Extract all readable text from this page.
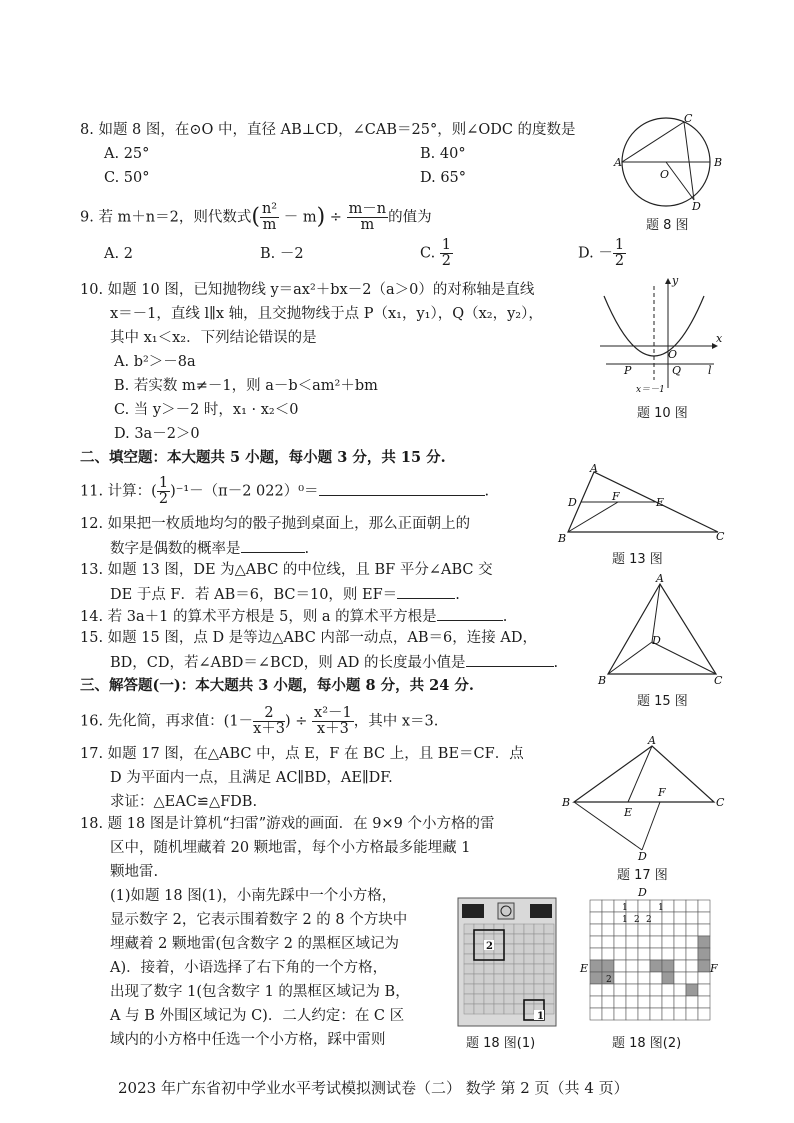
8. 如题 8 图，在⊙O 中，直径 AB⊥CD，∠CAB＝25°，则∠ODC 的度数是
A. 25°	B. 40°
C. 50°	D. 65°
A	B
C
D
O
题 8 图
9. 若 m＋n＝2，则代数式( $\frac{\text{n²}}{m} - m) \div \frac{m-n}{m}$ 的值为
A. 2	B. －2	C. $\frac{1}{2}$	D. － $\frac{1}{2}$
10. 如题 10 图，已知抛物线 y＝ax²＋bx－2（a＞0）的对称轴是直线
x＝－1，直线 l∥x 轴，且交抛物线于点 P（x₁，y₁），Q（x₂，y₂），
其中 x₁＜x₂．下列结论错误的是
A. b²＞－8a
B. 若实数 m≠－1，则 a－b＜am²＋bm
C. 当 y＞－2 时，x₁ · x₂＜0
D. 3a－2＞0
y
x
O
P	Q l
x＝－1
题 10 图
二、填空题：本大题共 5 小题，每小题 3 分，共 15 分.
11. 计算：( $\frac{1}{2} )^{-1}-(\pi-2$ 022）⁰＝	.
12. 如果把一枚质地均匀的骰子抛到桌面上，那么正面朝上的
数字是偶数的概率是	.
13. 如题 13 图，DE 为△ABC 的中位线，且 BF 平分∠ABC 交
DE 于点 F．若 AB＝6，BC＝10，则 EF＝	.
A
B	C
D	E
F
题 13 图
14. 若 3a＋1 的算术平方根是 5，则 a 的算术平方根是	.
15. 如题 15 图，点 D 是等边△ABC 内部一动点，AB＝6，连接 AD，
BD，CD，若∠ABD＝∠BCD，则 AD 的长度最小值是	.
A
B	C
D
题 15 图
三、解答题(一)：本大题共 3 小题，每小题 8 分，共 24 分.
16. 先化简，再求值：($1- \frac{2}{x+3}$ ) ÷ $\frac{\text{x²－1}}{x+3}$ ，其中 x＝3.
17. 如题 17 图，在△ABC 中，点 E，F 在 BC 上，且 BE＝CF．点
D 为平面内一点，且满足 AC∥BD，AE∥DF.
求证：△EAC≌△FDB.
A
B	C
D
E
F
题 17 图
18. 题 18 图是计算机“扫雷”游戏的画面．在 9×9 个小方格的雷
区中，随机埋藏着 20 颗地雷，每个小方格最多能埋藏 1
颗地雷.
(1)如题 18 图(1)，小南先踩中一个小方格，
显示数字 2，它表示围着数字 2 的 8 个方块中
埋藏着 2 颗地雷(包含数字 2 的黑框区域记为
A)．接着，小语选择了右下角的一个方格，
出现了数字 1(包含数字 1 的黑框区域记为 B，
A 与 B 外围区域记为 C)．二人约定：在 C 区
域内的小方格中任选一个小方格，踩中雷则
2
1
题 18 图(1)
D
E	F
1
1 2 2
1
2
题 18 图(2)
2023 年广东省初中学业水平考试模拟测试卷（二） 数学 第 2 页（共 4 页）
